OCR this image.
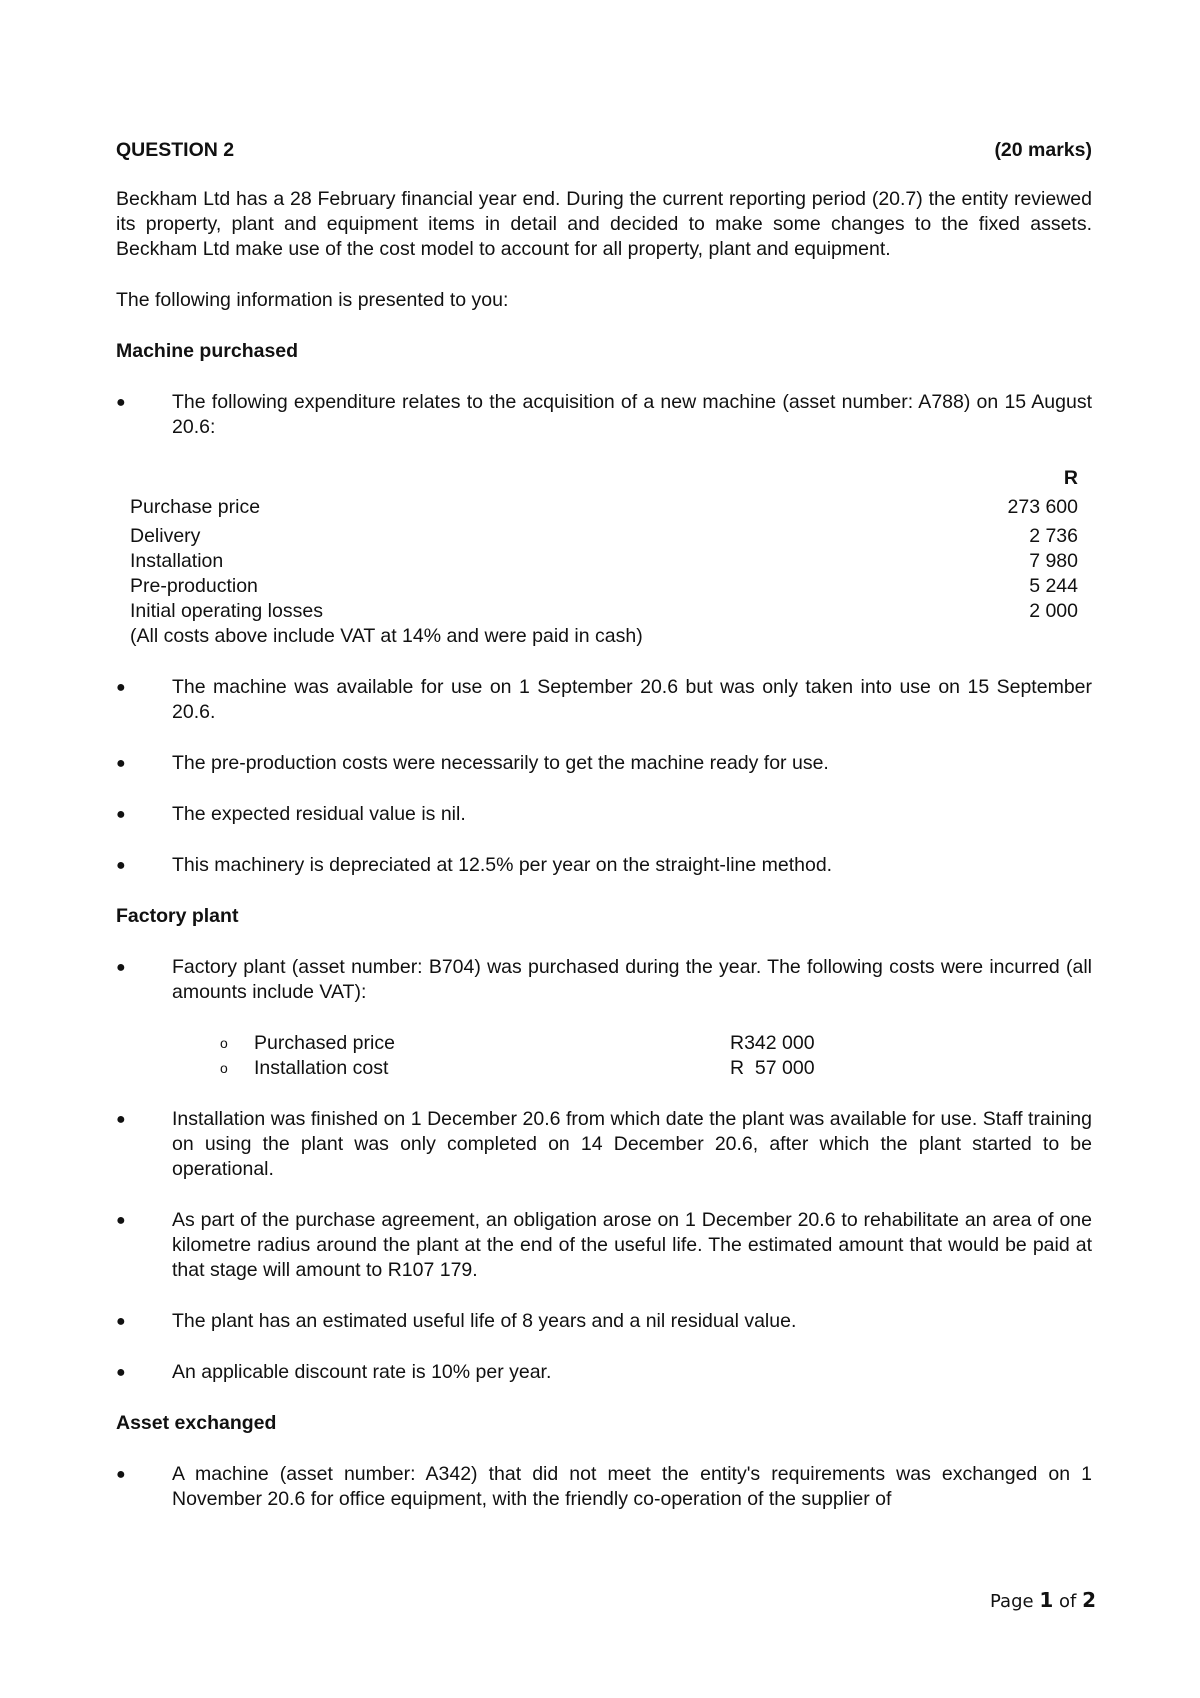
QUESTION 2	(20 marks)

Beckham Ltd has a 28 February financial year end. During the current reporting period (20.7) the entity reviewed its property, plant and equipment items in detail and decided to make some changes to the fixed assets. Beckham Ltd make use of the cost model to account for all property, plant and equipment.

The following information is presented to you:

Machine purchased
●	The following expenditure relates to the acquisition of a new machine (asset number: A788) on 15 August 20.6:
R
Purchase price	273 600
Delivery	2 736
Installation	7 980
Pre-production	5 244
Initial operating losses	2 000
(All costs above include VAT at 14% and were paid in cash)
●	The machine was available for use on 1 September 20.6 but was only taken into use on 15 September 20.6.
●	The pre-production costs were necessarily to get the machine ready for use.
●	The expected residual value is nil.
●	This machinery is depreciated at 12.5% per year on the straight-line method.
Factory plant
●	Factory plant (asset number: B704) was purchased during the year. The following costs were incurred (all amounts include VAT):
o	Purchased price	R342 000
o	Installation cost	R  57 000
●	Installation was finished on 1 December 20.6 from which date the plant was available for use. Staff training on using the plant was only completed on 14 December 20.6, after which the plant started to be operational.
●	As part of the purchase agreement, an obligation arose on 1 December 20.6 to rehabilitate an area of one kilometre radius around the plant at the end of the useful life. The estimated amount that would be paid at that stage will amount to R107 179.
●	The plant has an estimated useful life of 8 years and a nil residual value.
●	An applicable discount rate is 10% per year.
Asset exchanged
●	A machine (asset number: A342) that did not meet the entity's requirements was exchanged on 1 November 20.6 for office equipment, with the friendly co-operation of the supplier of
Page 1 of 2
